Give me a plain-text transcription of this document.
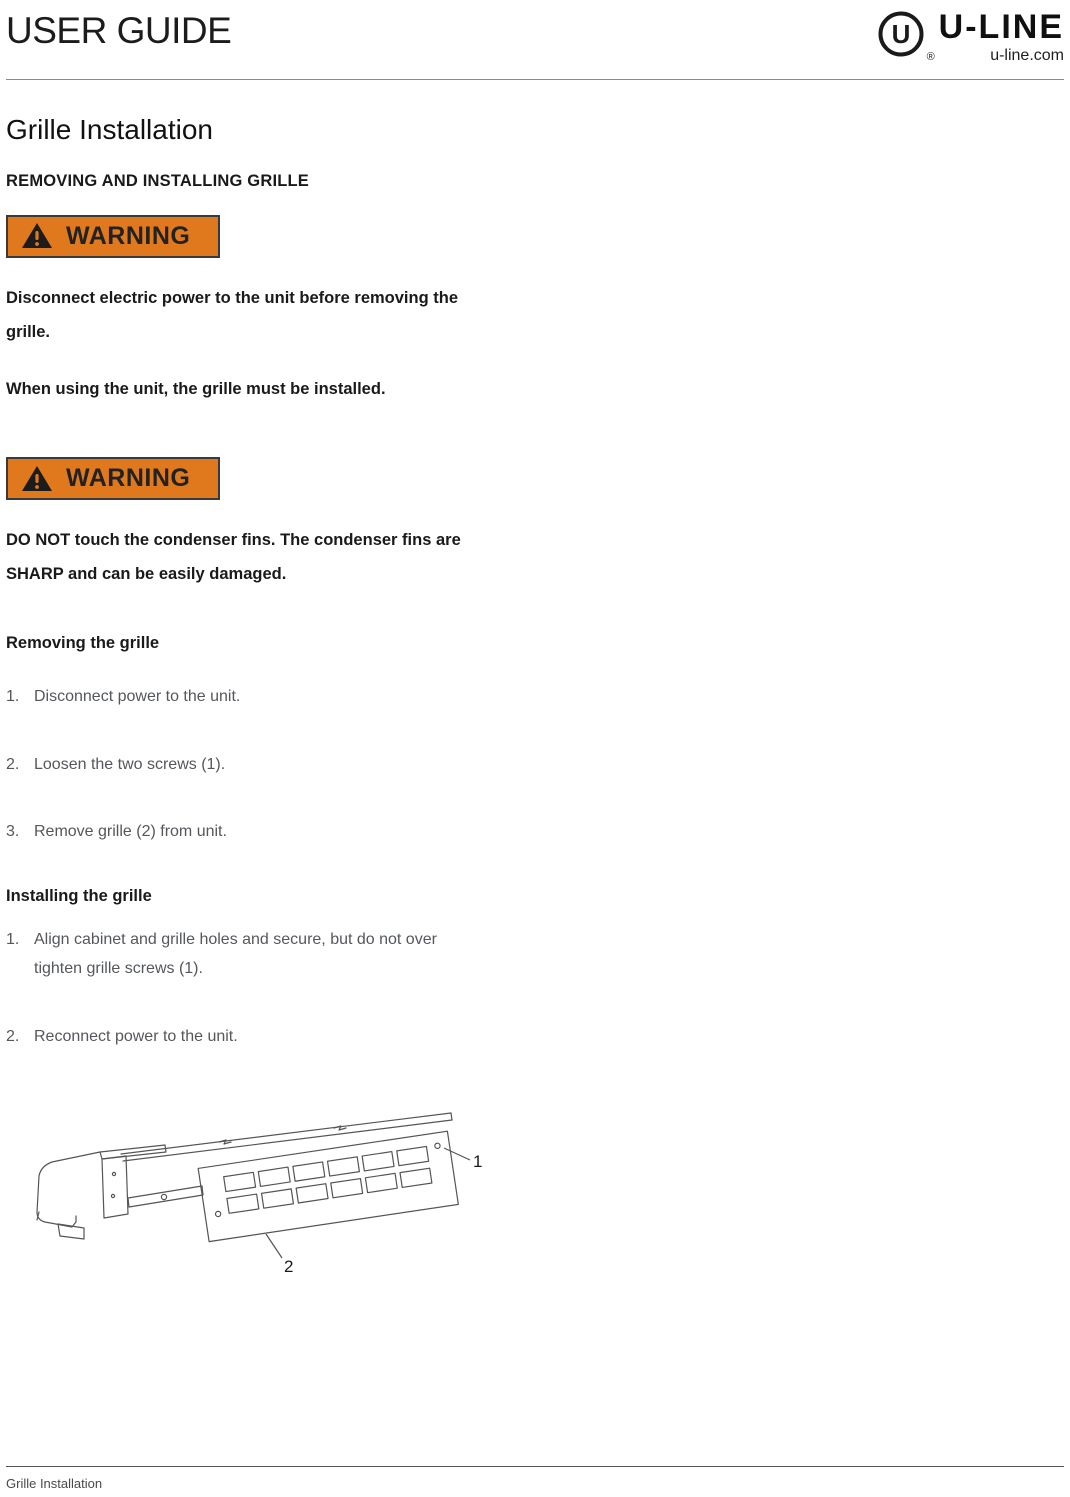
USER GUIDE	U
®
U-LINE
u-line.com
Grille Installation
REMOVING AND INSTALLING GRILLE
WARNING

Disconnect electric power to the unit before removing the grille.

When using the unit, the grille must be installed.

WARNING

DO NOT touch the condenser fins. The condenser fins are SHARP and can be easily damaged.

Removing the grille
1. Disconnect power to the unit.
2. Loosen the two screws (1).
3. Remove grille (2) from unit.
Installing the grille
1. Align cabinet and grille holes and secure, but do not over tighten grille screws (1).
2. Reconnect power to the unit.
1
2
Grille Installation
